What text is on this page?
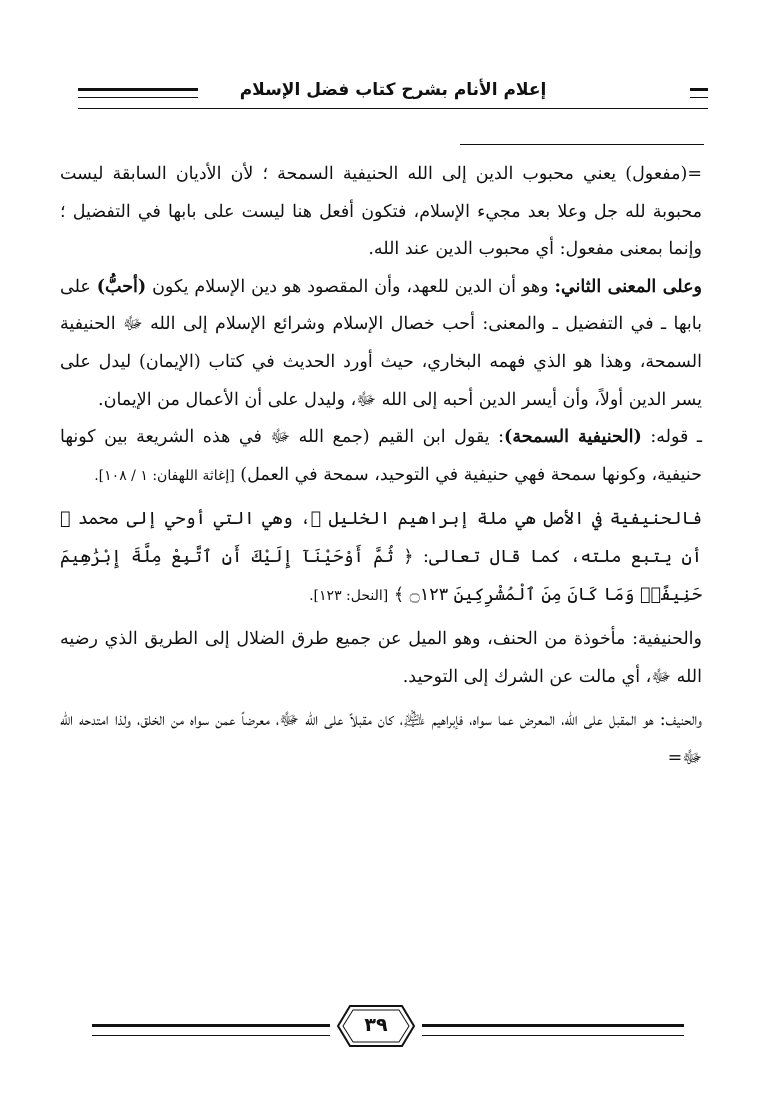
إعلام الأنام بشرح كتاب فضل الإسلام

=(مفعول) يعني محبوب الدين إلى الله الحنيفية السمحة ؛ لأن الأديان السابقة ليست محبوبة لله جل وعلا بعد مجيء الإسلام، فتكون أفعل هنا ليست على بابها في التفضيل ؛ وإنما بمعنى مفعول: أي محبوب الدين عند الله.

وعلى المعنى الثاني: وهو أن الدين للعهد، وأن المقصود هو دين الإسلام يكون (أحبُّ) على بابها ـ في التفضيل ـ والمعنى: أحب خصال الإسلام وشرائع الإسلام إلى الله ﷻ الحنيفية السمحة، وهذا هو الذي فهمه البخاري، حيث أورد الحديث في كتاب (الإيمان) ليدل على يسر الدين أولاً، وأن أيسر الدين أحبه إلى الله ﷻ، وليدل على أن الأعمال من الإيمان.

ـ قوله: (الحنيفية السمحة): يقول ابن القيم (جمع الله ﷻ في هذه الشريعة بين كونها حنيفية، وكونها سمحة فهي حنيفية في التوحيد، سمحة في العمل) [إغاثة اللهفان: ١ / ١٠٨].

فالحنيفية في الأصل هي ملة إبراهيم الخليل ﵇، وهي التي أوحي إلى محمد ﷺ أن يتبع ملته، كما قال تعالى: ﴿ ثُمَّ أَوْحَيْنَآ إِلَيْكَ أَنِ ٱتَّبِعْ مِلَّةَ إِبْرَٰهِيمَ حَنِيفًاۖ وَمَا كَانَ مِنَ ٱلْمُشْرِكِينَ ۝١٢٣ ﴾ [النحل: ١٢٣].

والحنيفية: مأخوذة من الحنف، وهو الميل عن جميع طرق الضلال إلى الطريق الذي رضيه الله ﷻ، أي مالت عن الشرك إلى التوحيد.

والحنيف: هو المقبل على الله، المعرض عما سواه، فإبراهيم ﵇، كان مقبلاً على الله ﷻ، معرضاً عمن سواه من الخلق، ولذا امتدحه الله ﷻ=

٣٩
